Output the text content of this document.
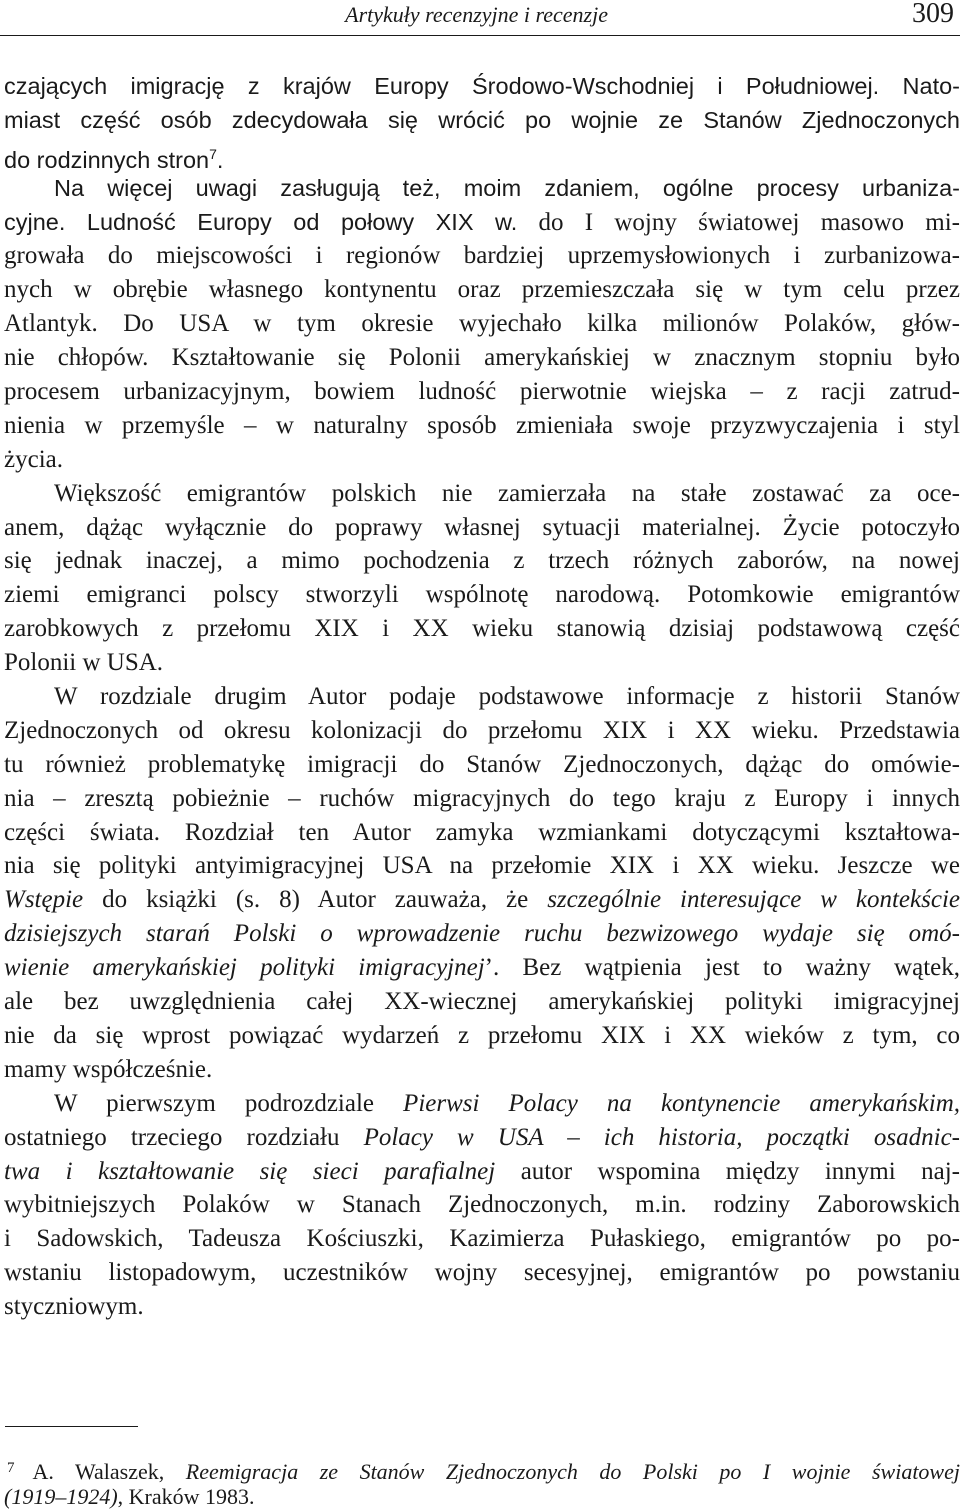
Artykuły recenzyjne i recenzje	309
czających imigrację z krajów Europy Środowo-Wschodniej i Południowej. Nato-
miast część osób zdecydowała się wrócić po wojnie ze Stanów Zjednoczonych
do rodzinnych stron$^7$.
Na więcej uwagi zasługują też, moim zdaniem, ogólne procesy urbaniza-
cyjne. Ludność Europy od połowy XIX w. do I wojny światowej masowo mi-
growała do miejscowości i regionów bardziej uprzemysłowionych i zurbanizowa-
nych w obrębie własnego kontynentu oraz przemieszczała się w tym celu przez
Atlantyk. Do USA w tym okresie wyjechało kilka milionów Polaków, głów-
nie chłopów. Kształtowanie się Polonii amerykańskiej w znacznym stopniu było
procesem urbanizacyjnym, bowiem ludność pierwotnie wiejska – z racji zatrud-
nienia w przemyśle – w naturalny sposób zmieniała swoje przyzwyczajenia i styl
życia.
Większość emigrantów polskich nie zamierzała na stałe zostawać za oce-
anem, dążąc wyłącznie do poprawy własnej sytuacji materialnej. Życie potoczyło
się jednak inaczej, a mimo pochodzenia z trzech różnych zaborów, na nowej
ziemi emigranci polscy stworzyli wspólnotę narodową. Potomkowie emigrantów
zarobkowych z przełomu XIX i XX wieku stanowią dzisiaj podstawową część
Polonii w USA.
W rozdziale drugim Autor podaje podstawowe informacje z historii Stanów
Zjednoczonych od okresu kolonizacji do przełomu XIX i XX wieku. Przedstawia
tu również problematykę imigracji do Stanów Zjednoczonych, dążąc do omówie-
nia – zresztą pobieżnie – ruchów migracyjnych do tego kraju z Europy i innych
części świata. Rozdział ten Autor zamyka wzmiankami dotyczącymi kształtowa-
nia się polityki antyimigracyjnej USA na przełomie XIX i XX wieku. Jeszcze we
Wstępie do książki (s. 8) Autor zauważa, że szczególnie interesujące w kontekście
dzisiejszych starań Polski o wprowadzenie ruchu bezwizowego wydaje się omó-
wienie amerykańskiej polityki imigracyjnej’. Bez wątpienia jest to ważny wątek,
ale bez uwzględnienia całej XX-wiecznej amerykańskiej polityki imigracyjnej
nie da się wprost powiązać wydarzeń z przełomu XIX i XX wieków z tym, co
mamy współcześnie.
W pierwszym podrozdziale Pierwsi Polacy na kontynencie amerykańskim,
ostatniego trzeciego rozdziału Polacy w USA – ich historia, początki osadnic-
twa i kształtowanie się sieci parafialnej autor wspomina między innymi naj-
wybitniejszych Polaków w Stanach Zjednoczonych, m.in. rodziny Zaborowskich
i Sadowskich, Tadeusza Kościuszki, Kazimierza Pułaskiego, emigrantów po po-
wstaniu listopadowym, uczestników wojny secesyjnej, emigrantów po powstaniu
styczniowym.
$^7$ A. Walaszek, Reemigracja ze Stanów Zjednoczonych do Polski po I wojnie światowej
(1919–1924), Kraków 1983.
